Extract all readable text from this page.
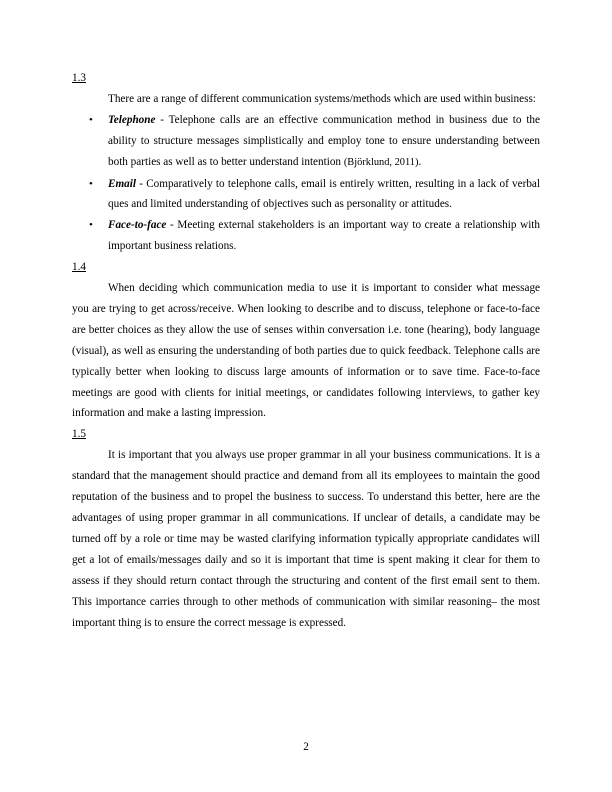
1.3

There are a range of different communication systems/methods which are used within business:

• Telephone - Telephone calls are an effective communication method in business due to the ability to structure messages simplistically and employ tone to ensure understanding between both parties as well as to better understand intention (Björklund, 2011).
• Email - Comparatively to telephone calls, email is entirely written, resulting in a lack of verbal ques and limited understanding of objectives such as personality or attitudes.
• Face-to-face - Meeting external stakeholders is an important way to create a relationship with important business relations.
1.4

When deciding which communication media to use it is important to consider what message you are trying to get across/receive. When looking to describe and to discuss, telephone or face-to-face are better choices as they allow the use of senses within conversation i.e. tone (hearing), body language (visual), as well as ensuring the understanding of both parties due to quick feedback. Telephone calls are typically better when looking to discuss large amounts of information or to save time. Face-to-face meetings are good with clients for initial meetings, or candidates following interviews, to gather key information and make a lasting impression.

1.5

It is important that you always use proper grammar in all your business communications. It is a standard that the management should practice and demand from all its employees to maintain the good reputation of the business and to propel the business to success. To understand this better, here are the advantages of using proper grammar in all communications. If unclear of details, a candidate may be turned off by a role or time may be wasted clarifying information typically appropriate candidates will get a lot of emails/messages daily and so it is important that time is spent making it clear for them to assess if they should return contact through the structuring and content of the first email sent to them. This importance carries through to other methods of communication with similar reasoning– the most important thing is to ensure the correct message is expressed.

2
